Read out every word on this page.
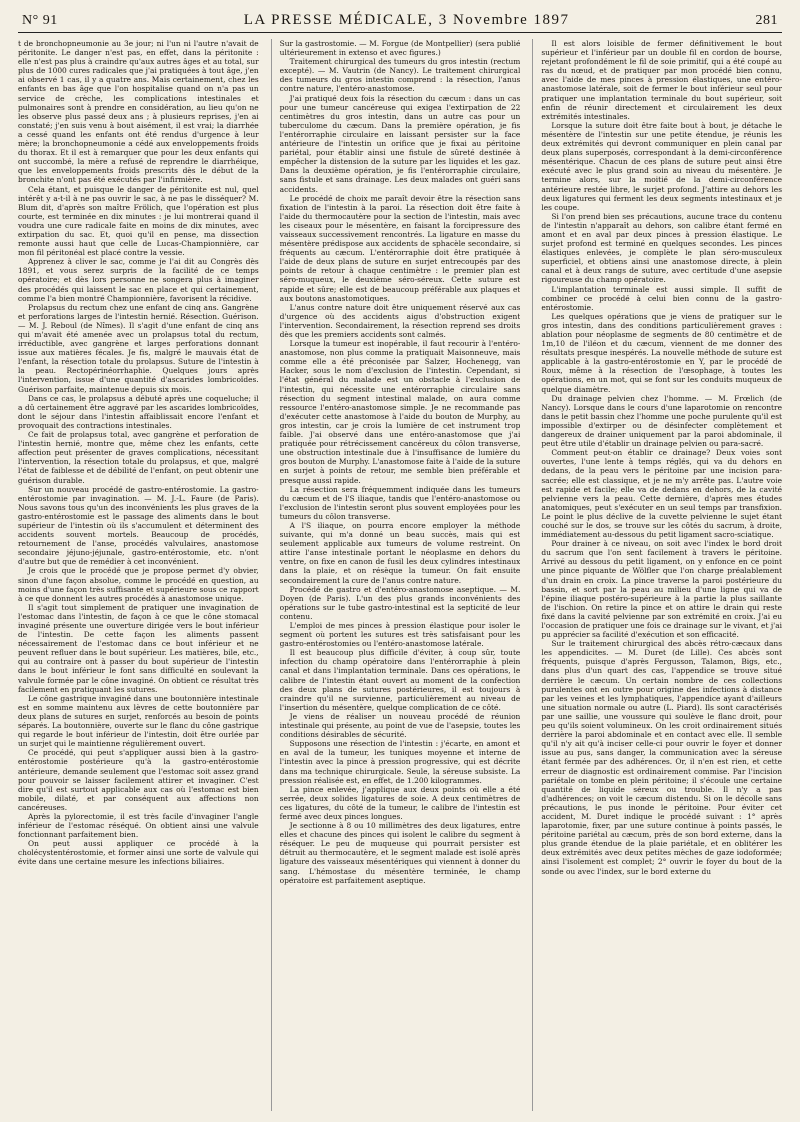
N° 91	LA PRESSE MÉDICALE, 3 Novembre 1897	281

t de bronchopneumonie au 3e jour; ni l'un ni l'autre n'avait de péritonite. Le danger n'est pas, en effet, dans la péritonite : elle n'est pas plus à craindre qu'aux autres âges et au total, sur plus de 1000 cures radicales que j'ai pratiquées à tout âge, j'en ai observé 1 cas, il y a quatre ans. Mais certainement, chez les enfants en bas âge que l'on hospitalise quand on n'a pas un service de crèche, les complications intestinales et pulmonaires sont à prendre en considération, au lieu qu'on ne les observe plus passé deux ans ; à plusieurs reprises, j'en ai constaté; j'en suis venu à bout aisément, il est vrai; la diarrhée a cessé quand les enfants ont été rendus d'urgence à leur mère; la bronchopneumonie a cédé aux enveloppements froids du thorax. Et il est à remarquer que pour les deux enfants qui ont succombé, la mère a refusé de reprendre le diarrhéique, que les enveloppements froids prescrits dès le début de la bronchite n'ont pas été exécutés par l'infirmière.

Cela étant, et puisque le danger de péritonite est nul, quel intérêt y a-t-il à ne pas ouvrir le sac, à ne pas le disséquer? M. Blum dit, d'après son maître Frölich, que l'opération est plus courte, est terminée en dix minutes : je lui montrerai quand il voudra une cure radicale faite en moins de dix minutes, avec extirpation du sac. Et, quoi qu'il en pense, ma dissection remonte aussi haut que celle de Lucas-Championnière, car mon fil péritonéal est placé contre la vessie.

Apprenez à cliver le sac, comme je l'ai dit au Congrès dès 1891, et vous serez surpris de la facilité de ce temps opératoire; et dès lors personne ne songera plus à imaginer des procédés qui laissent le sac en place et qui certainement, comme l'a bien montré Championnière, favorisent la récidive.

Prolapsus du rectum chez une enfant de cinq ans. Gangrène et perforations larges de l'intestin hernié. Résection. Guérison. — M. J. Reboul (de Nîmes). Il s'agit d'une enfant de cinq ans qui m'avait été amenée avec un prolapsus total du rectum, irréductible, avec gangrène et larges perforations donnant issue aux matières fécales. Je fis, malgré le mauvais état de l'enfant, la résection totale du prolapsus. Suture de l'intestin à la peau. Rectopérinéorrhaphie. Quelques jours après l'intervention, issue d'une quantité d'ascarides lombricoïdes. Guérison parfaite, maintenue depuis six mois.

Dans ce cas, le prolapsus a débuté après une coqueluche; il a dû certainement être aggravé par les ascarides lombricoïdes, dont le séjour dans l'intestin affaiblissait encore l'enfant et provoquait des contractions intestinales.

Ce fait de prolapsus total, avec gangrène et perforation de l'intestin hernié, montre que, même chez les enfants, cette affection peut présenter de graves complications, nécessitant l'intervention, la résection totale du prolapsus, et que, malgré l'état de faiblesse et de débilité de l'enfant, on peut obtenir une guérison durable.

Sur un nouveau procédé de gastro-entérostomie. La gastro-entérostomie par invagination. — M. J.-L. Faure (de Paris). Nous savons tous qu'un des inconvénients les plus graves de la gastro-entérostomie est le passage des aliments dans le bout supérieur de l'intestin où ils s'accumulent et déterminent des accidents souvent mortels. Beaucoup de procédés, retournement de l'anse, procédés valvulaires, anastomose secondaire jéjuno-jéjunale, gastro-entérostomie, etc. n'ont d'autre but que de remédier à cet inconvénient.

Je crois que le procédé que je propose permet d'y obvier, sinon d'une façon absolue, comme le procédé en question, au moins d'une façon très suffisante et supérieure sous ce rapport à ce que donnent les autres procédés à anastomose unique.

Il s'agit tout simplement de pratiquer une invagination de l'estomac dans l'intestin, de façon à ce que le cône stomacal invaginé présente une ouverture dirigée vers le bout inférieur de l'intestin. De cette façon les aliments passent nécessairement de l'estomac dans ce bout inférieur et ne peuvent refluer dans le bout supérieur. Les matières, bile, etc., qui au contraire ont à passer du bout supérieur de l'intestin dans le bout inférieur le font sans difficulté en soulevant la valvule formée par le cône invaginé. On obtient ce résultat très facilement en pratiquant les sutures.

Le cône gastrique invaginé dans une boutonnière intestinale est en somme maintenu aux lèvres de cette boutonnière par deux plans de sutures en surjet, renforcés au besoin de points séparés. La boutonnière, ouverte sur le flanc du cône gastrique qui regarde le bout inférieur de l'intestin, doit être ourlée par un surjet qui le maintienne régulièrement ouvert.

Ce procédé, qui peut s'appliquer aussi bien à la gastro-entérostomie postérieure qu'à la gastro-entérostomie antérieure, demande seulement que l'estomac soit assez grand pour pouvoir se laisser facilement attirer et invaginer. C'est dire qu'il est surtout applicable aux cas où l'estomac est bien mobile, dilaté, et par conséquent aux affections non cancéreuses.

Après la pylorectomie, il est très facile d'invaginer l'angle inférieur de l'estomac réséqué. On obtient ainsi une valvule fonctionnant parfaitement bien.

On peut aussi appliquer ce procédé à la cholécystentérostomie, et former ainsi une sorte de valvule qui évite dans une certaine mesure les infections biliaires.

Sur la gastrostomie. — M. Forgue (de Montpellier) (sera publié ultérieurement in extenso et avec figures.)

Traitement chirurgical des tumeurs du gros intestin (rectum excepté). — M. Vautrin (de Nancy). Le traitement chirurgical des tumeurs du gros intestin comprend : la résection, l'anus contre nature, l'entéro-anastomose.

J'ai pratiqué deux fois la résection du cæcum : dans un cas pour une tumeur cancéreuse qui exigea l'extirpation de 22 centimètres du gros intestin, dans un autre cas pour un tuberculome du cæcum. Dans la première opération, je fis l'entérorraphie circulaire en laissant persister sur la face antérieure de l'intestin un orifice que je fixai au péritoine pariétal, pour établir ainsi une fistule de sûreté destinée à empêcher la distension de la suture par les liquides et les gaz. Dans la deuxième opération, je fis l'entérorraphie circulaire, sans fistule et sans drainage. Les deux malades ont guéri sans accidents.

Le procédé de choix me paraît devoir être la résection sans fixation de l'intestin à la paroi. La résection doit être faite à l'aide du thermocautère pour la section de l'intestin, mais avec les ciseaux pour le mésentère, en faisant la forcipressure des vaisseaux successivement rencontrés. La ligature en masse du mésentère prédispose aux accidents de sphacèle secondaire, si fréquents au cæcum. L'entérorraphie doit être pratiquée à l'aide de deux plans de suture en surjet entrecoupés par des points de retour à chaque centimètre : le premier plan est séro-muqueux, le deuxième séro-séreux. Cette suture est rapide et sûre; elle est de beaucoup préférable aux plaques et aux boutons anastomotiques.

L'anus contre nature doit être uniquement réservé aux cas d'urgence où des accidents aigus d'obstruction exigent l'intervention. Secondairement, la résection reprend ses droits dès que les premiers accidents sont calmés.

Lorsque la tumeur est inopérable, il faut recourir à l'entéro-anastomose, non plus comme la pratiquait Maisonneuve, mais comme elle a été préconisée par Salzer, Hochenegg, van Hacker, sous le nom d'exclusion de l'intestin. Cependant, si l'état général du malade est un obstacle à l'exclusion de l'intestin, qui nécessite une entérorraphie circulaire sans résection du segment intestinal malade, on aura comme ressource l'entéro-anastomose simple. Je ne recommande pas d'exécuter cette anastomose à l'aide du bouton de Murphy, au gros intestin, car je crois la lumière de cet instrument trop faible. J'ai observé dans une entéro-anastomose que j'ai pratiquée pour rétrécissement cancéreux du côlon transverse, une obstruction intestinale due à l'insuffisance de lumière du gros bouton de Murphy. L'anastomose faite à l'aide de la suture en surjet à points de retour, me semble bien préférable et presque aussi rapide.

La résection sera fréquemment indiquée dans les tumeurs du cæcum et de l'S iliaque, tandis que l'entéro-anastomose ou l'exclusion de l'intestin seront plus souvent employées pour les tumeurs du côlon transverse.

A l'S iliaque, on pourra encore employer la méthode suivante, qui m'a donné un beau succès, mais qui est seulement applicable aux tumeurs de volume restreint. On attire l'anse intestinale portant le néoplasme en dehors du ventre, on fixe en canon de fusil les deux cylindres intestinaux dans la plaie, et on résèque la tumeur. On fait ensuite secondairement la cure de l'anus contre nature.

Procédé de gastro et d'entéro-anastomose aseptique. — M. Doyen (de Paris). L'un des plus grands inconvénients des opérations sur le tube gastro-intestinal est la septicité de leur contenu.

L'emploi de mes pinces à pression élastique pour isoler le segment où portent les sutures est très satisfaisant pour les gastro-entérostomies ou l'entéro-anastomose latérale.

Il est beaucoup plus difficile d'éviter, à coup sûr, toute infection du champ opératoire dans l'entérorraphie à plein canal et dans l'implantation terminale. Dans ces opérations, le calibre de l'intestin étant ouvert au moment de la confection des deux plans de sutures postérieures, il est toujours à craindre qu'il ne survienne, particulièrement au niveau de l'insertion du mésentère, quelque complication de ce côté.

Je viens de réaliser un nouveau procédé de réunion intestinale qui présente, au point de vue de l'asepsie, toutes les conditions désirables de sécurité.

Supposons une résection de l'intestin : j'écarte, en amont et en aval de la tumeur, les tuniques moyenne et interne de l'intestin avec la pince à pression progressive, qui est décrite dans ma technique chirurgicale. Seule, la séreuse subsiste. La pression réalisée est, en effet, de 1.200 kilogrammes.

La pince enlevée, j'applique aux deux points où elle a été serrée, deux solides ligatures de soie. A deux centimètres de ces ligatures, du côté de la tumeur, le calibre de l'intestin est fermé avec deux pinces longues.

Je sectionne à 8 ou 10 millimètres des deux ligatures, entre elles et chacune des pinces qui isolent le calibre du segment à réséquer. Le peu de muqueuse qui pourrait persister est détruit au thermocautère, et le segment malade est isolé après ligature des vaisseaux mésentériques qui viennent à donner du sang. L'hémostase du mésentère terminée, le champ opératoire est parfaitement aseptique.

Il est alors loisible de fermer définitivement le bout supérieur et l'inférieur par un double fil en cordon de bourse, rejetant profondément le fil de soie primitif, qui a été coupé au ras du nœud, et de pratiquer par mon procédé bien connu, avec l'aide de mes pinces à pression élastiques, une entéro-anastomose latérale, soit de fermer le bout inférieur seul pour pratiquer une implantation terminale du bout supérieur, soit enfin de réunir directement et circulairement les deux extrémités intestinales.

Lorsque la suture doit être faite bout à bout, je détache le mésentère de l'intestin sur une petite étendue, je réunis les deux extrémités qui devront communiquer en plein canal par deux plans superposés, correspondant à la demi-circonférence mésentérique. Chacun de ces plans de suture peut ainsi être exécuté avec le plus grand soin au niveau du mésentère. Je termine alors, sur la moitié de la demi-circonférence antérieure restée libre, le surjet profond. J'attire au dehors les deux ligatures qui ferment les deux segments intestinaux et je les coupe.

Si l'on prend bien ses précautions, aucune trace du contenu de l'intestin n'apparaît au dehors, son calibre étant fermé en amont et en aval par deux pinces à pression élastique. Le surjet profond est terminé en quelques secondes. Les pinces élastiques enlevées, je complète le plan séro-musculeux superficiel, et obtiens ainsi une anastomose directe, à plein canal et à deux rangs de suture, avec certitude d'une asepsie rigoureuse du champ opératoire.

L'implantation terminale est aussi simple. Il suffit de combiner ce procédé à celui bien connu de la gastro-entérostomie.

Les quelques opérations que je viens de pratiquer sur le gros intestin, dans des conditions particulièrement graves : ablation pour néoplasme de segments de 80 centimètre et de 1m,10 de l'iléon et du cæcum, viennent de me donner des résultats presque inespérés. La nouvelle méthode de suture est applicable à la gastro-entérostomie en Y, par le procédé de Roux, même à la résection de l'œsophage, à toutes les opérations, en un mot, qui se font sur les conduits muqueux de quelque diamètre.

Du drainage pelvien chez l'homme. — M. Frœlich (de Nancy). Lorsque dans le cours d'une laparotomie on rencontre dans le petit bassin chez l'homme une poche purulente qu'il est impossible d'extirper ou de désinfecter complètement et dangereux de drainer uniquement par la paroi abdominale, il peut être utile d'établir un drainage pelvien ou para-sacré.

Comment peut-on établir ce drainage? Deux voies sont ouvertes, l'une lente à temps réglés, qui va du dehors en dedans, de la peau vers le péritoine par une incision para-sacrée; elle est classique, et je ne m'y arrête pas. L'autre voie est rapide et facile; elle va de dedans en dehors, de la cavité pelvienne vers la peau. Cette dernière, d'après mes études anatomiques, peut s'exécuter en un seul temps par transfixion. Le point le plus déclive de la cuvette pelvienne le sujet étant couché sur le dos, se trouve sur les côtés du sacrum, à droite, immédiatement au-dessous du petit ligament sacro-sciatique.

Pour drainer à ce niveau, on soit avec l'index le bord droit du sacrum que l'on sent facilement à travers le péritoine. Arrivé au dessous du petit ligament, on y enfonce en ce point une pince piquante de Wölfler que l'on charge préalablement d'un drain en croix. La pince traverse la paroi postérieure du bassin, et sort par la peau au milieu d'une ligne qui va de l'épine iliaque postéro-supérieure à la partie la plus saillante de l'ischion. On retire la pince et on attire le drain qui reste fixé dans la cavité pelvienne par son extrémité en croix. J'ai eu l'occasion de pratiquer une fois ce drainage sur le vivant, et j'ai pu apprécier sa facilité d'exécution et son efficacité.

Sur le traitement chirurgical des abcès rétro-cæcaux dans les appendicites. — M. Duret (de Lille). Ces abcès sont fréquents, puisque d'après Fergusson, Talamon, Bigs, etc., dans plus d'un quart des cas, l'appendice se trouve situé derrière le cæcum. Un certain nombre de ces collections purulentes ont en outre pour origine des infections à distance par les veines et les lymphatiques, l'appendice ayant d'ailleurs une situation normale ou autre (L. Piard). Ils sont caractérisés par une saillie, une voussure qui soulève le flanc droit, pour peu qu'ils soient volumineux. On les croit ordinairement situés derrière la paroi abdominale et en contact avec elle. Il semble qu'il n'y ait qu'à inciser celle-ci pour ouvrir le foyer et donner issue au pus, sans danger, la communication avec la séreuse étant fermée par des adhérences. Or, il n'en est rien, et cette erreur de diagnostic est ordinairement commise. Par l'incision pariétale on tombe en plein péritoine; il s'écoule une certaine quantité de liquide séreux ou trouble. Il n'y a pas d'adhérences; on voit le cæcum distendu. Si on le décolle sans précautions, le pus inonde le péritoine. Pour éviter cet accident, M. Duret indique le procédé suivant : 1° après laparotomie, fixer, par une suture continue à points passés, le péritoine pariétal au cæcum, près de son bord externe, dans la plus grande étendue de la plaie pariétale, et en oblitérer les deux extrémités avec deux petites mèches de gaze iodoformée; ainsi l'isolement est complet; 2° ouvrir le foyer du bout de la sonde ou avec l'index, sur le bord externe du
